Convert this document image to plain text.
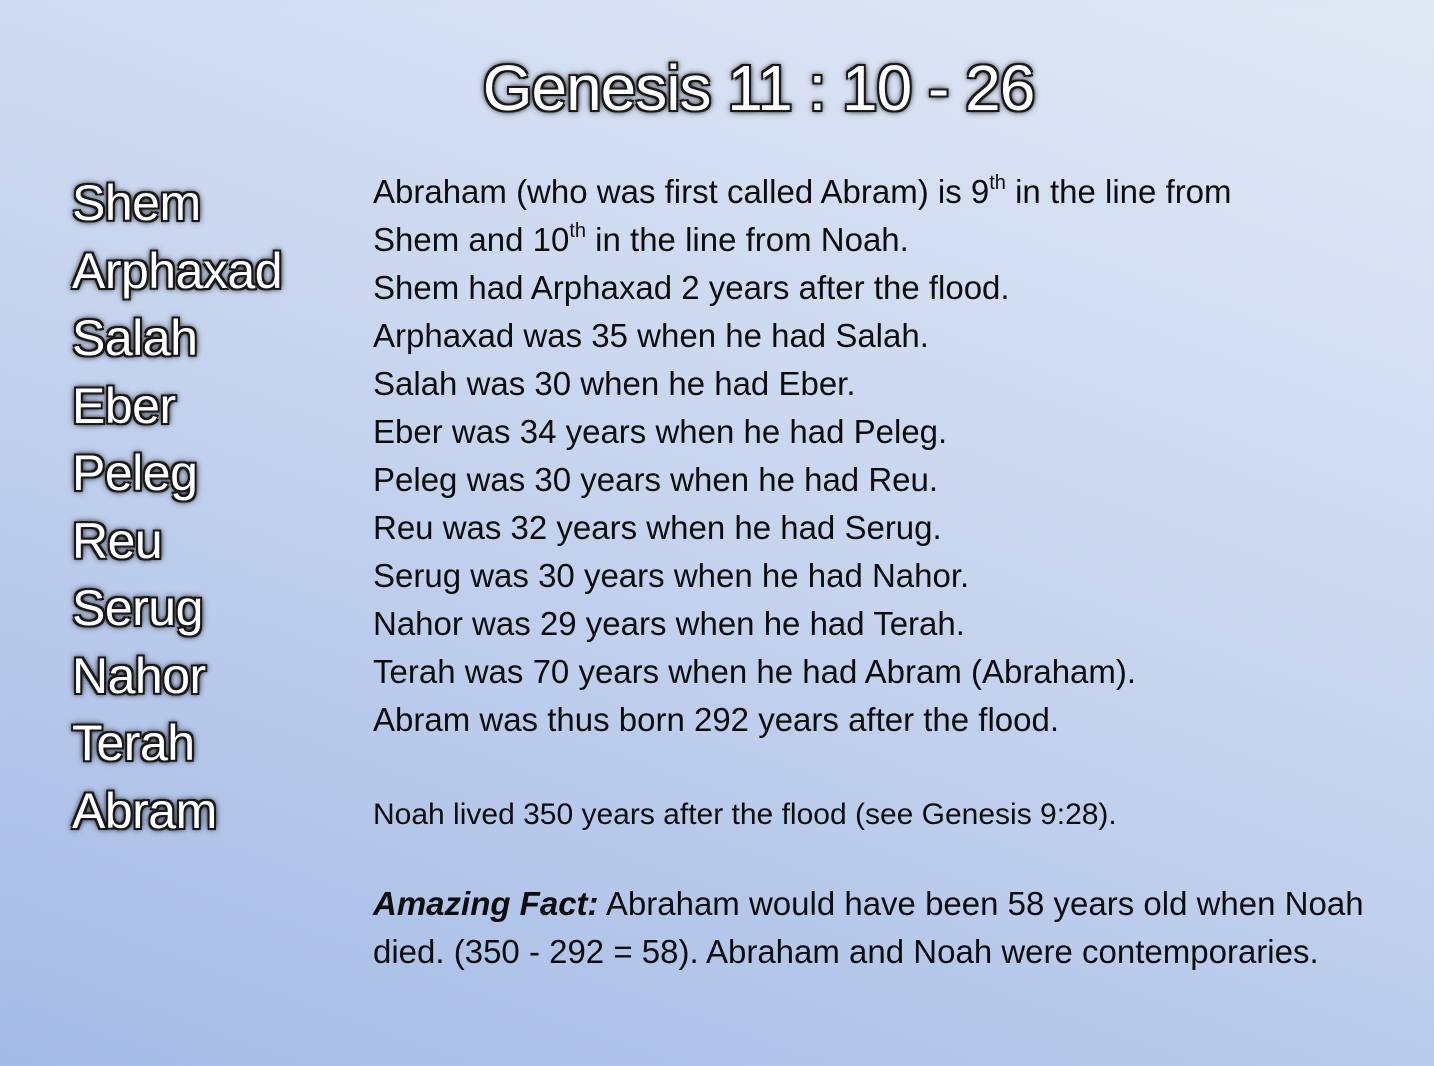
Genesis 11 : 10 - 26
Shem
Arphaxad
Salah
Eber
Peleg
Reu
Serug
Nahor
Terah
Abram
Abraham (who was first called Abram) is 9th in the line from
Shem and 10th in the line from Noah.
Shem had Arphaxad 2 years after the flood.
Arphaxad was 35 when he had Salah.
Salah was 30 when he had Eber.
Eber was 34 years when he had Peleg.
Peleg was 30 years when he had Reu.
Reu was 32 years when he had Serug.
Serug was 30 years when he had Nahor.
Nahor was 29 years when he had Terah.
Terah was 70 years when he had Abram (Abraham).
Abram was thus born 292 years after the flood.
Noah lived 350 years after the flood (see Genesis 9:28).
Amazing Fact: Abraham would have been 58 years old when Noah died. (350 - 292 = 58). Abraham and Noah were contemporaries.
